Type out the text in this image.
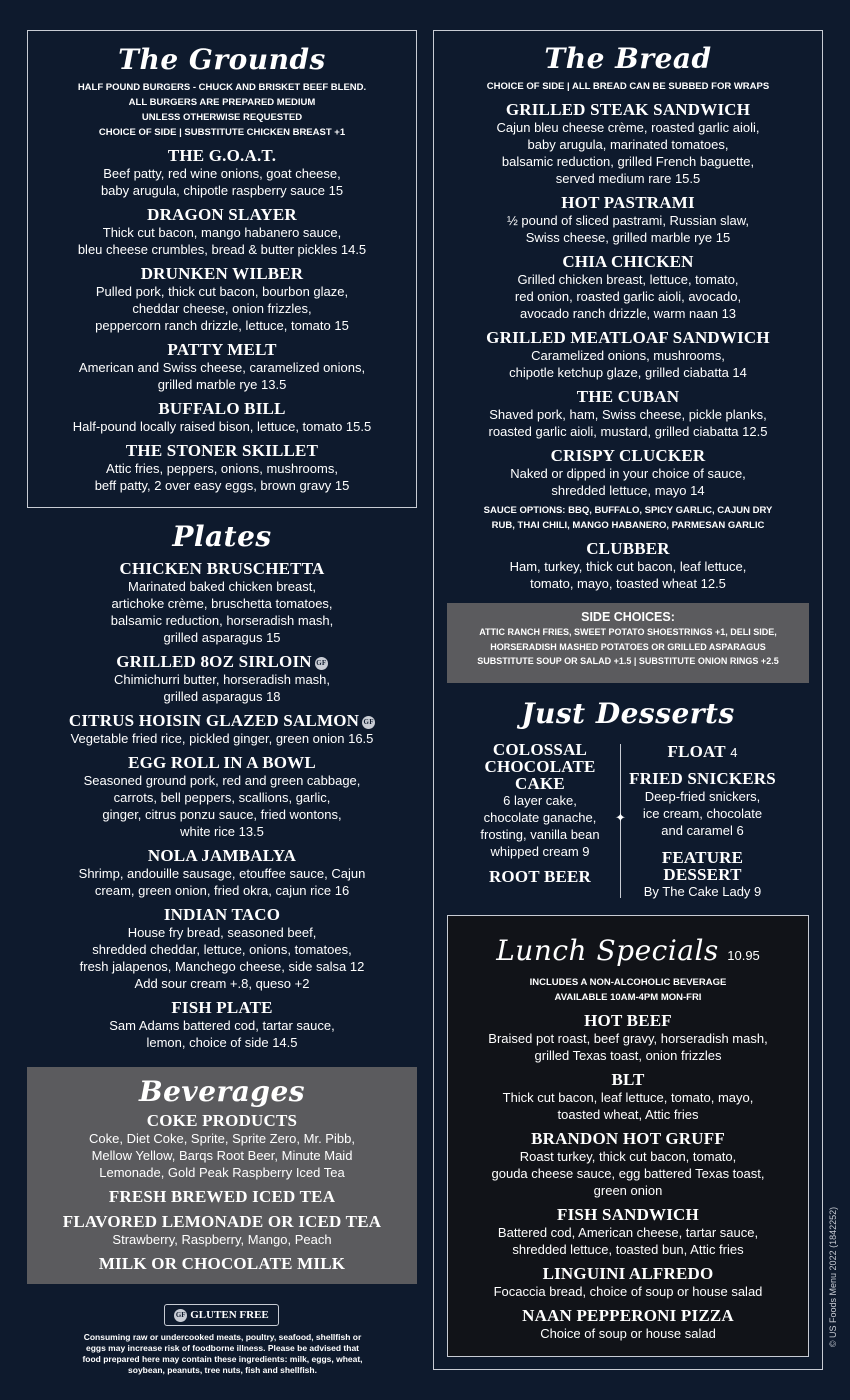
The Grounds

HALF POUND BURGERS - CHUCK AND BRISKET BEEF BLEND.

ALL BURGERS ARE PREPARED MEDIUM

UNLESS OTHERWISE REQUESTED

CHOICE OF SIDE | SUBSTITUTE CHICKEN BREAST +1

THE G.O.A.T.
Beef patty, red wine onions, goat cheese,
baby arugula, chipotle raspberry sauce 15
DRAGON SLAYER
Thick cut bacon, mango habanero sauce,
bleu cheese crumbles, bread & butter pickles 14.5
DRUNKEN WILBER
Pulled pork, thick cut bacon, bourbon glaze,
cheddar cheese, onion frizzles,
peppercorn ranch drizzle, lettuce, tomato 15
PATTY MELT
American and Swiss cheese, caramelized onions,
grilled marble rye 13.5
BUFFALO BILL
Half-pound locally raised bison, lettuce, tomato 15.5
THE STONER SKILLET
Attic fries, peppers, onions, mushrooms,
beff patty, 2 over easy eggs, brown gravy 15
Plates
CHICKEN BRUSCHETTA
Marinated baked chicken breast,
artichoke crème, bruschetta tomatoes,
balsamic reduction, horseradish mash,
grilled asparagus 15
GRILLED 8OZ SIRLOIN GF
Chimichurri butter, horseradish mash,
grilled asparagus 18
CITRUS HOISIN GLAZED SALMON GF
Vegetable fried rice, pickled ginger, green onion 16.5
EGG ROLL IN A BOWL
Seasoned ground pork, red and green cabbage,
carrots, bell peppers, scallions, garlic,
ginger, citrus ponzu sauce, fried wontons,
white rice 13.5
NOLA JAMBALYA
Shrimp, andouille sausage, etouffee sauce, Cajun
cream, green onion, fried okra, cajun rice 16
INDIAN TACO
House fry bread, seasoned beef,
shredded cheddar, lettuce, onions, tomatoes,
fresh jalapenos, Manchego cheese, side salsa 12
Add sour cream +.8, queso +2
FISH PLATE
Sam Adams battered cod, tartar sauce,
lemon, choice of side 14.5
Beverages
COKE PRODUCTS
Coke, Diet Coke, Sprite, Sprite Zero, Mr. Pibb,
Mellow Yellow, Barqs Root Beer, Minute Maid
Lemonade, Gold Peak Raspberry Iced Tea
FRESH BREWED ICED TEA
FLAVORED LEMONADE OR ICED TEA
Strawberry, Raspberry, Mango, Peach
MILK OR CHOCOLATE MILK
GF GLUTEN FREE
Consuming raw or undercooked meats, poultry, seafood, shellfish or
eggs may increase risk of foodborne illness. Please be advised that
food prepared here may contain these ingredients: milk, eggs, wheat,
soybean, peanuts, tree nuts, fish and shellfish.
The Bread

CHOICE OF SIDE | ALL BREAD CAN BE SUBBED FOR WRAPS

GRILLED STEAK SANDWICH
Cajun bleu cheese crème, roasted garlic aioli,
baby arugula, marinated tomatoes,
balsamic reduction, grilled French baguette,
served medium rare 15.5
HOT PASTRAMI
½ pound of sliced pastrami, Russian slaw,
Swiss cheese, grilled marble rye 15
CHIA CHICKEN
Grilled chicken breast, lettuce, tomato,
red onion, roasted garlic aioli, avocado,
avocado ranch drizzle, warm naan 13
GRILLED MEATLOAF SANDWICH
Caramelized onions, mushrooms,
chipotle ketchup glaze, grilled ciabatta 14
THE CUBAN
Shaved pork, ham, Swiss cheese, pickle planks,
roasted garlic aioli, mustard, grilled ciabatta 12.5
CRISPY CLUCKER
Naked or dipped in your choice of sauce,
shredded lettuce, mayo 14
SAUCE OPTIONS: BBQ, BUFFALO, SPICY GARLIC, CAJUN DRY
RUB, THAI CHILI, MANGO HABANERO, PARMESAN GARLIC
CLUBBER
Ham, turkey, thick cut bacon, leaf lettuce,
tomato, mayo, toasted wheat 12.5
SIDE CHOICES:
ATTIC RANCH FRIES, SWEET POTATO SHOESTRINGS +1, DELI SIDE,
HORSERADISH MASHED POTATOES OR GRILLED ASPARAGUS
SUBSTITUTE SOUP OR SALAD +1.5 | SUBSTITUTE ONION RINGS +2.5
Just Desserts
COLOSSAL
CHOCOLATE
CAKE
6 layer cake,
chocolate ganache,
frosting, vanilla bean
whipped cream 9
ROOT BEER
✦
FLOAT 4
FRIED SNICKERS
Deep-fried snickers,
ice cream, chocolate
and caramel 6
FEATURE
DESSERT
By The Cake Lady 9
Lunch Specials 10.95

INCLUDES A NON-ALCOHOLIC BEVERAGE

AVAILABLE 10AM-4PM MON-FRI

HOT BEEF
Braised pot roast, beef gravy, horseradish mash,
grilled Texas toast, onion frizzles
BLT
Thick cut bacon, leaf lettuce, tomato, mayo,
toasted wheat, Attic fries
BRANDON HOT GRUFF
Roast turkey, thick cut bacon, tomato,
gouda cheese sauce, egg battered Texas toast,
green onion
FISH SANDWICH
Battered cod, American cheese, tartar sauce,
shredded lettuce, toasted bun, Attic fries
LINGUINI ALFREDO
Focaccia bread, choice of soup or house salad
NAAN PEPPERONI PIZZA
Choice of soup or house salad	© US Foods Menu 2022 (1842252)
